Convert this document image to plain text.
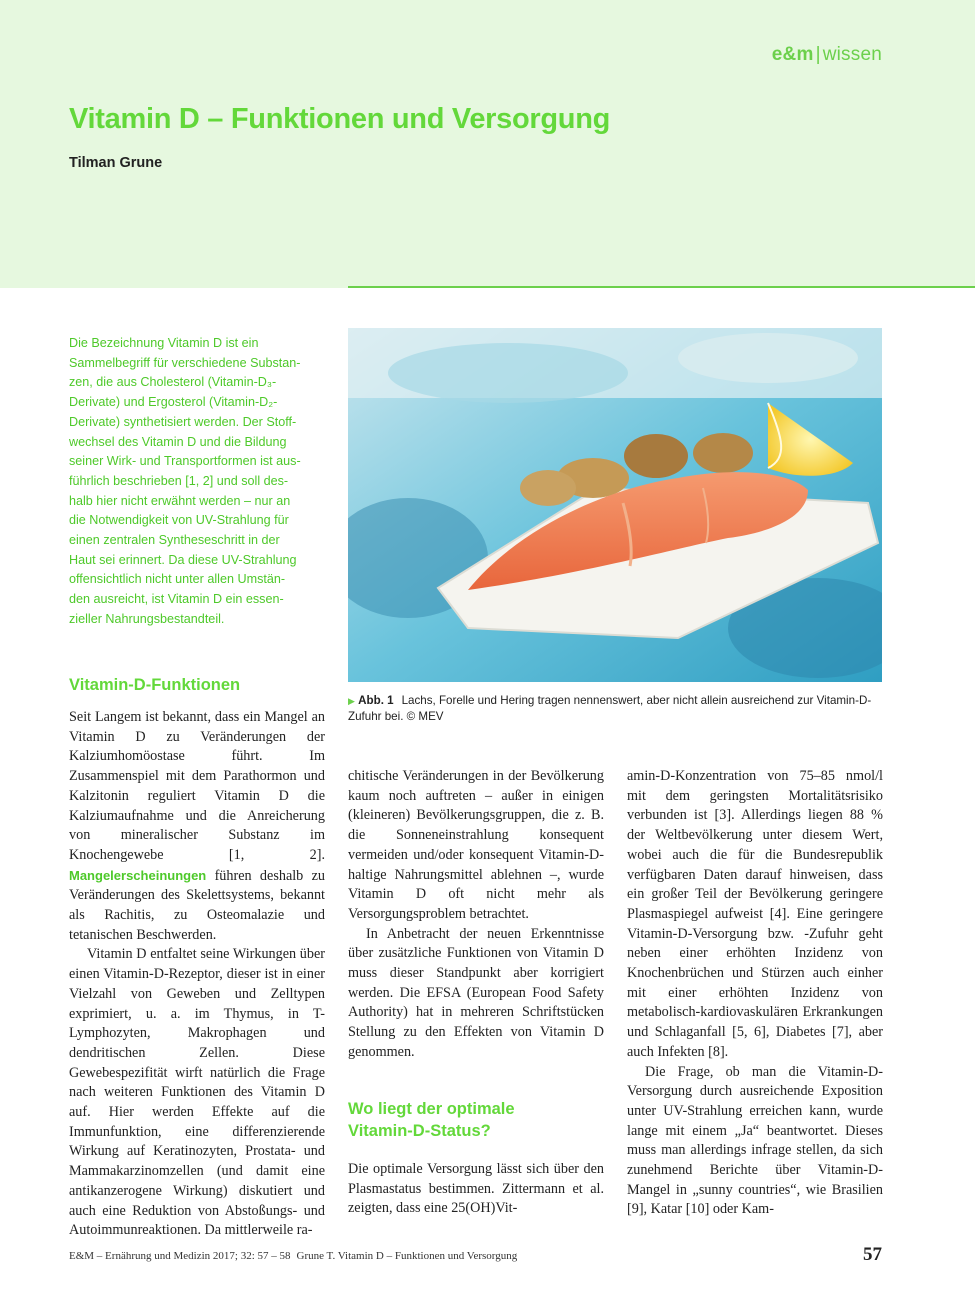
e&m | wissen
Vitamin D – Funktionen und Versorgung
Tilman Grune

Die Bezeichnung Vitamin D ist ein
Sammelbegriff für verschiedene Substan-
zen, die aus Cholesterol (Vitamin-D₃-
Derivate) und Ergosterol (Vitamin-D₂-
Derivate) synthetisiert werden. Der Stoff-
wechsel des Vitamin D und die Bildung
seiner Wirk- und Transportformen ist aus-
führlich beschrieben [1, 2] und soll des-
halb hier nicht erwähnt werden – nur an
die Notwendigkeit von UV-Strahlung für
einen zentralen Syntheseschritt in der
Haut sei erinnert. Da diese UV-Strahlung
offensichtlich nicht unter allen Umstän-
den ausreicht, ist Vitamin D ein essen-
zieller Nahrungsbestandteil.

▶ Abb. 1 Lachs, Forelle und Hering tragen nennenswert, aber nicht allein ausreichend zur Vitamin-D-Zufuhr bei. © MEV
Vitamin-D-Funktionen

Seit Langem ist bekannt, dass ein Mangel an Vitamin D zu Veränderungen der Kalziumhomöostase führt. Im Zusammenspiel mit dem Parathormon und Kalzitonin reguliert Vitamin D die Kalziumaufnahme und die Anreicherung von mineralischer Substanz im Knochengewebe [1, 2]. Mangelerscheinungen führen deshalb zu Veränderungen des Skelettsystems, bekannt als Rachitis, zu Osteomalazie und tetanischen Beschwerden.

Vitamin D entfaltet seine Wirkungen über einen Vitamin-D-Rezeptor, dieser ist in einer Vielzahl von Geweben und Zelltypen exprimiert, u. a. im Thymus, in T-Lymphozyten, Makrophagen und dendritischen Zellen. Diese Gewebespezifität wirft natürlich die Frage nach weiteren Funktionen des Vitamin D auf. Hier werden Effekte auf die Immunfunktion, eine differenzierende Wirkung auf Keratinozyten, Prostata- und Mammakarzinomzellen (und damit eine antikanzerogene Wirkung) diskutiert und auch eine Reduktion von Abstoßungs- und Autoimmunreaktionen. Da mittlerweile ra-

chitische Veränderungen in der Bevölkerung kaum noch auftreten – außer in einigen (kleineren) Bevölkerungsgruppen, die z. B. die Sonneneinstrahlung konsequent vermeiden und/oder konsequent Vitamin-D-haltige Nahrungsmittel ablehnen –, wurde Vitamin D oft nicht mehr als Versorgungsproblem betrachtet.

In Anbetracht der neuen Erkenntnisse über zusätzliche Funktionen von Vitamin D muss dieser Standpunkt aber korrigiert werden. Die EFSA (European Food Safety Authority) hat in mehreren Schriftstücken Stellung zu den Effekten von Vitamin D genommen.

Wo liegt der optimale
Vitamin-D-Status?

Die optimale Versorgung lässt sich über den Plasmastatus bestimmen. Zittermann et al. zeigten, dass eine 25(OH)Vit-

amin-D-Konzentration von 75–85 nmol/l mit dem geringsten Mortalitätsrisiko verbunden ist [3]. Allerdings liegen 88 % der Weltbevölkerung unter diesem Wert, wobei auch die für die Bundesrepublik verfügbaren Daten darauf hinweisen, dass ein großer Teil der Bevölkerung geringere Plasmaspiegel aufweist [4]. Eine geringere Vitamin-D-Versorgung bzw. -Zufuhr geht neben einer erhöhten Inzidenz von Knochenbrüchen und Stürzen auch einher mit einer erhöhten Inzidenz von metabolisch-kardiovaskulären Erkrankungen und Schlaganfall [5, 6], Diabetes [7], aber auch Infekten [8].

Die Frage, ob man die Vitamin-D-Versorgung durch ausreichende Exposition unter UV-Strahlung erreichen kann, wurde lange mit einem „Ja“ beantwortet. Dieses muss man allerdings infrage stellen, da sich zunehmend Berichte über Vitamin-D-Mangel in „sunny countries“, wie Brasilien [9], Katar [10] oder Kam-

E&M – Ernährung und Medizin 2017; 32: 57 – 58 Grune T. Vitamin D – Funktionen und Versorgung	57
